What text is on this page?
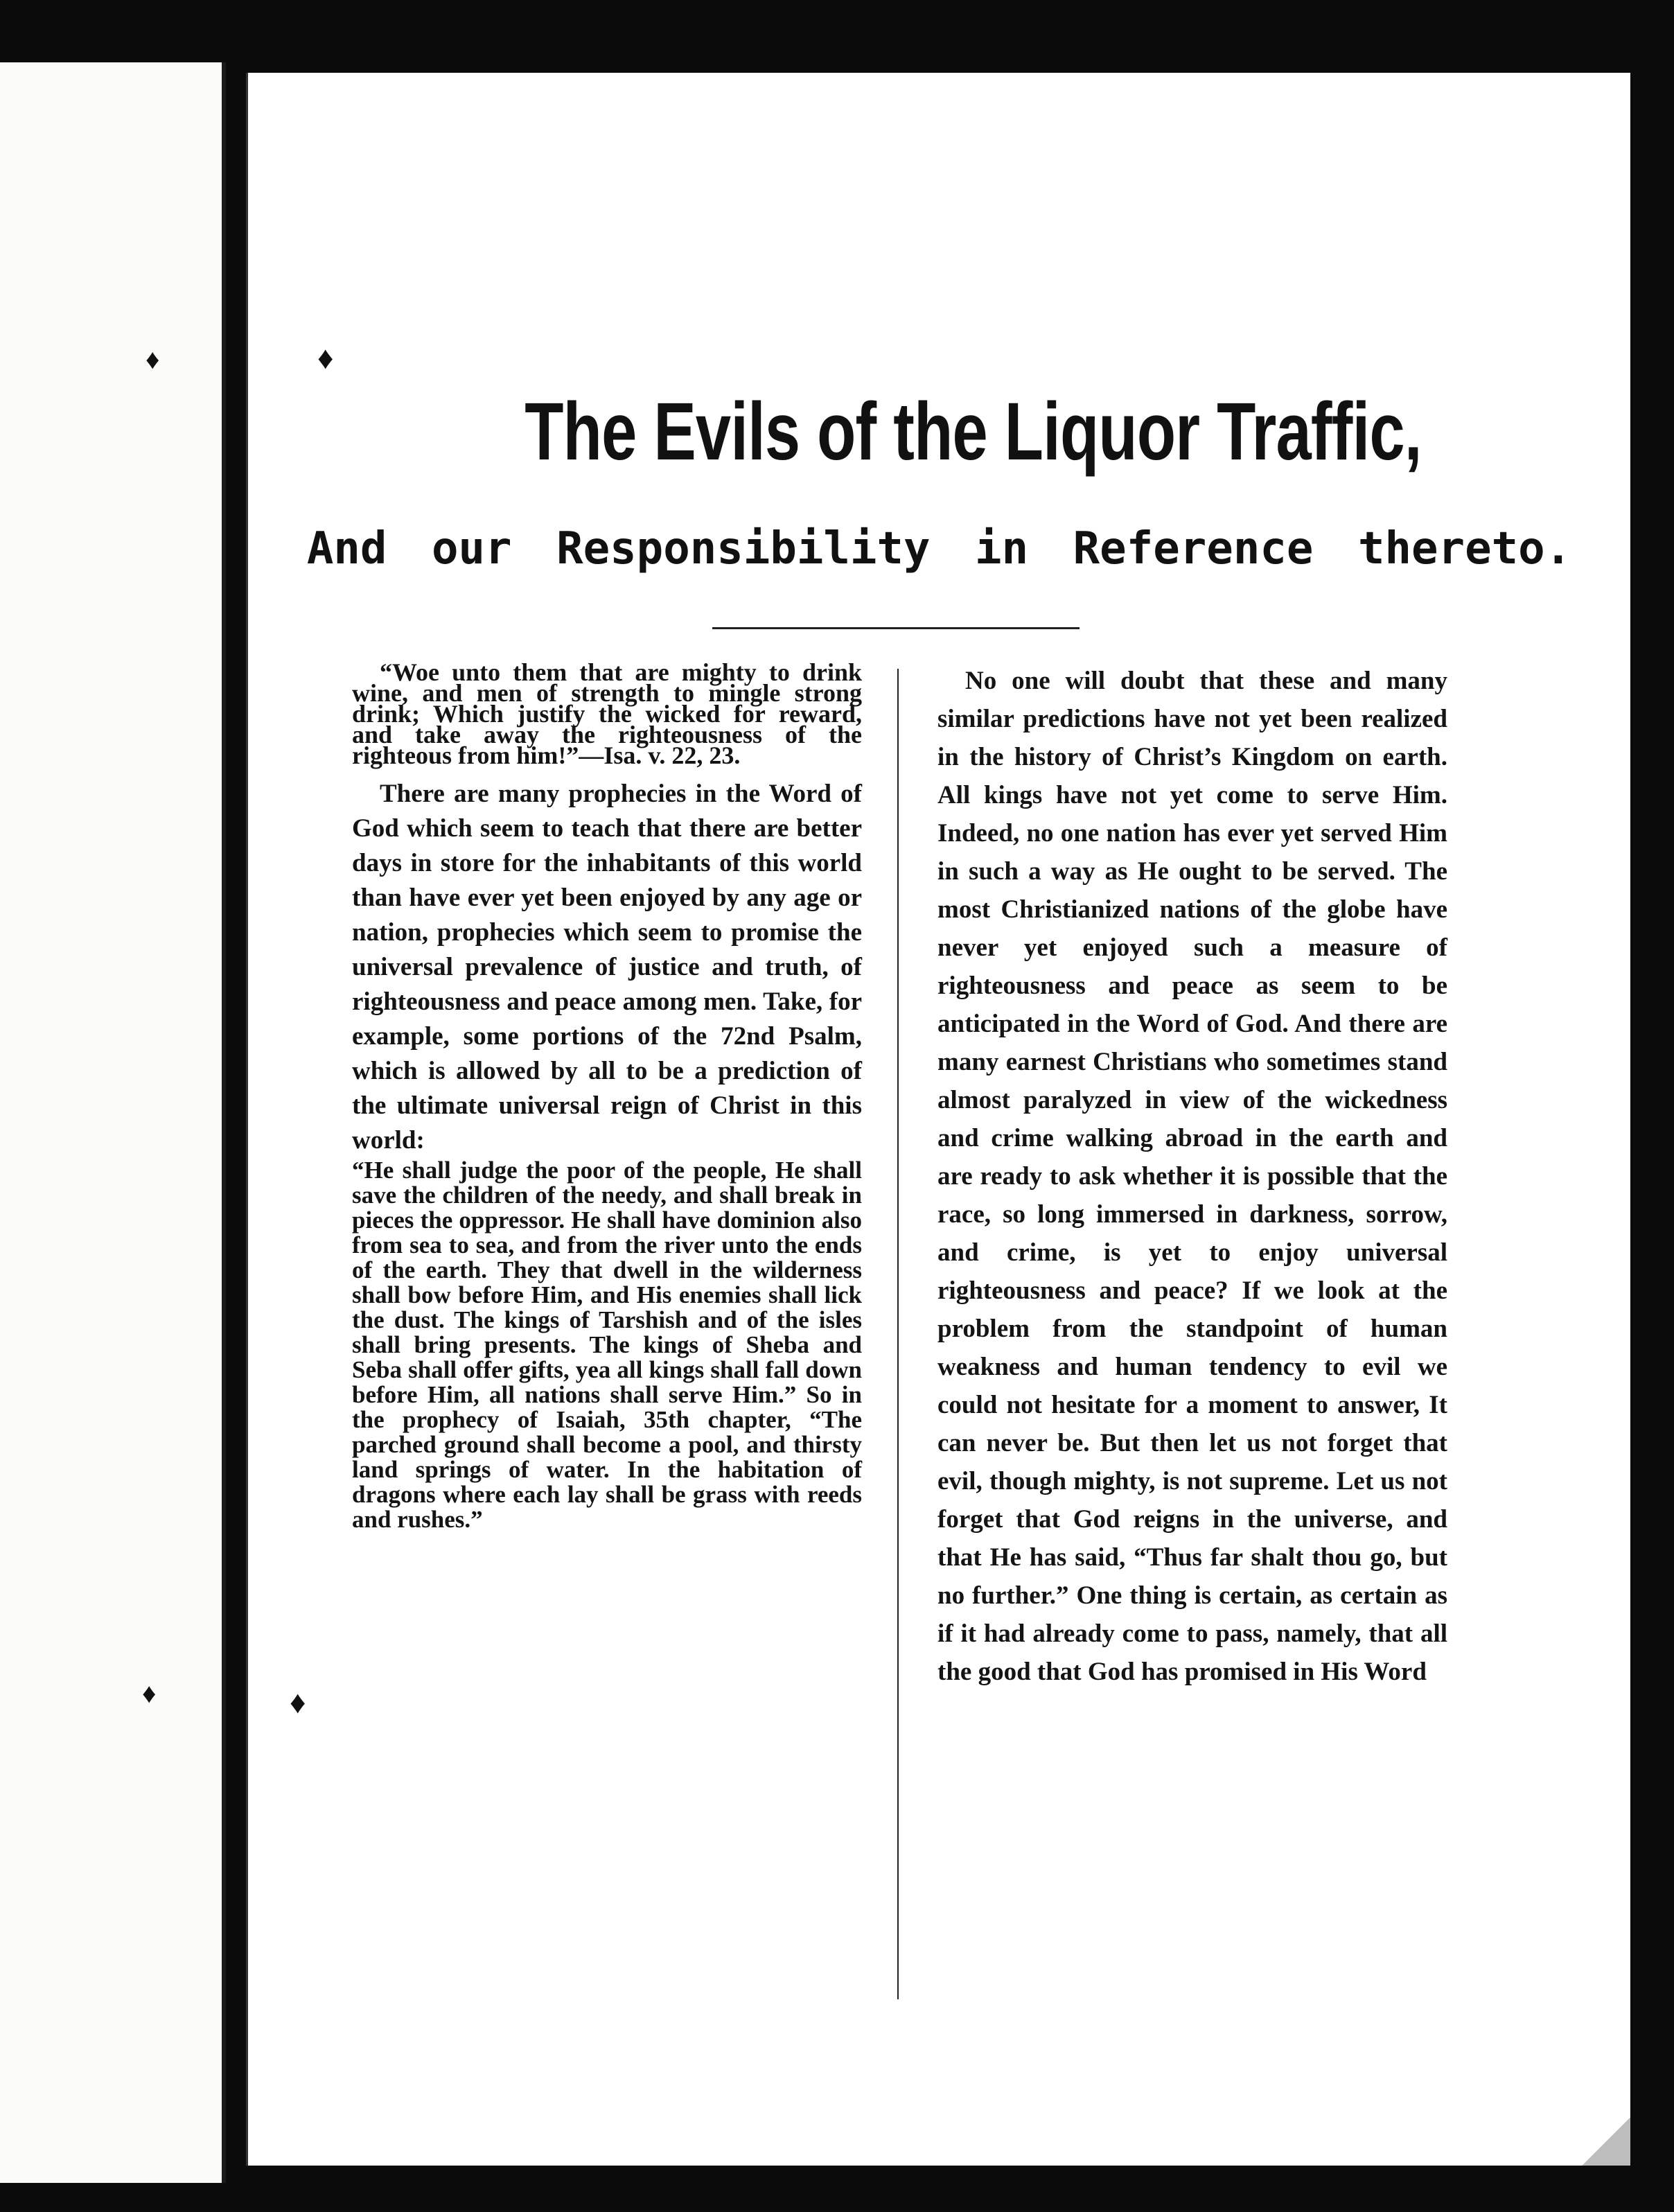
♦
♦
♦
♦
The Evils of the Liquor Traffic,
And our Responsibility in Reference thereto.

“Woe unto them that are mighty to drink wine, and men of strength to mingle strong drink; Which justify the wicked for reward, and take away the righteousness of the righteous from him!”—Isa. v. 22, 23.

There are many prophecies in the Word of God which seem to teach that there are better days in store for the inhabitants of this world than have ever yet been enjoyed by any age or nation, prophecies which seem to promise the universal prevalence of justice and truth, of righteousness and peace among men. Take, for example, some portions of the 72nd Psalm, which is allowed by all to be a prediction of the ultimate universal reign of Christ in this world:

“He shall judge the poor of the people, He shall save the children of the needy, and shall break in pieces the oppressor. He shall have dominion also from sea to sea, and from the river unto the ends of the earth. They that dwell in the wilderness shall bow before Him, and His enemies shall lick the dust. The kings of Tarshish and of the isles shall bring presents. The kings of Sheba and Seba shall offer gifts, yea all kings shall fall down before Him, all nations shall serve Him.” So in the prophecy of Isaiah, 35th chapter, “The parched ground shall become a pool, and thirsty land springs of water. In the habitation of dragons where each lay shall be grass with reeds and rushes.”

No one will doubt that these and many similar predictions have not yet been realized in the history of Christ’s Kingdom on earth. All kings have not yet come to serve Him. Indeed, no one nation has ever yet served Him in such a way as He ought to be served. The most Christianized nations of the globe have never yet enjoyed such a measure of righteousness and peace as seem to be anticipated in the Word of God. And there are many earnest Christians who sometimes stand almost paralyzed in view of the wickedness and crime walking abroad in the earth and are ready to ask whether it is possible that the race, so long immersed in darkness, sorrow, and crime, is yet to enjoy universal righteousness and peace? If we look at the problem from the standpoint of human weakness and human tendency to evil we could not hesitate for a moment to answer, It can never be. But then let us not forget that evil, though mighty, is not supreme. Let us not forget that God reigns in the universe, and that He has said, “Thus far shalt thou go, but no further.” One thing is certain, as certain as if it had already come to pass, namely, that all the good that God has promised in His Word
